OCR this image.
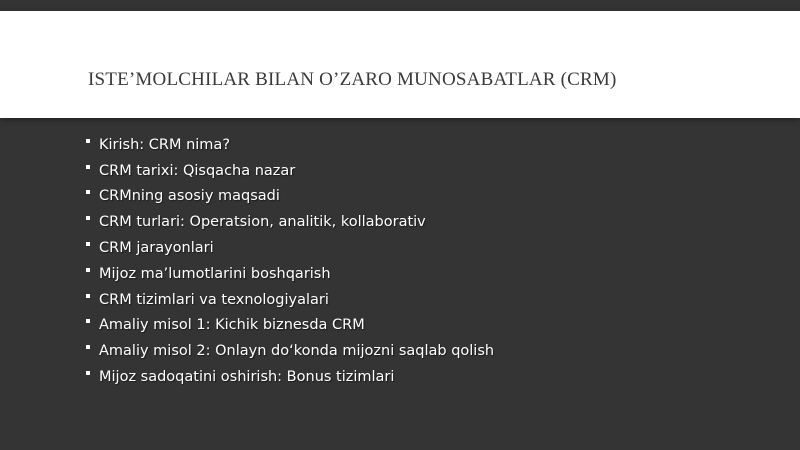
ISTE’MOLCHILAR BILAN O’ZARO MUNOSABATLAR (CRM)
Kirish: CRM nima?
CRM tarixi: Qisqacha nazar
CRMning asosiy maqsadi
CRM turlari: Operatsion, analitik, kollaborativ
CRM jarayonlari
Mijoz ma’lumotlarini boshqarish
CRM tizimlari va texnologiyalari
Amaliy misol 1: Kichik biznesda CRM
Amaliy misol 2: Onlayn do‘konda mijozni saqlab qolish
Mijoz sadoqatini oshirish: Bonus tizimlari
